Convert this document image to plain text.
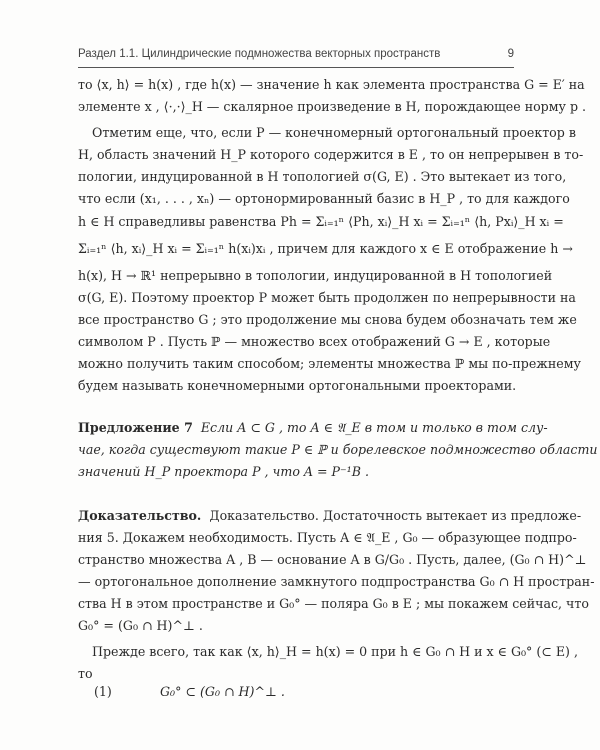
Раздел 1.1. Цилиндрические подмножества векторных пространств	9
то ⟨x, h⟩ = h(x) , где h(x) — значение h как элемента пространства G = E′ на
элементе x , ⟨·,·⟩_H — скалярное произведение в H, порождающее норму p .
Отметим еще, что, если P — конечномерный ортогональный проектор в
H, область значений H_P которого содержится в E , то он непрерывен в то-
пологии, индуцированной в H топологией σ(G, E) . Это вытекает из того,
что если (x₁, . . . , xₙ) — ортонормированный базис в H_P , то для каждого
h ∈ H справедливы равенства Ph = Σᵢ₌₁ⁿ ⟨Ph, xᵢ⟩_H xᵢ = Σᵢ₌₁ⁿ ⟨h, Pxᵢ⟩_H xᵢ =
Σᵢ₌₁ⁿ ⟨h, xᵢ⟩_H xᵢ = Σᵢ₌₁ⁿ h(xᵢ)xᵢ , причем для каждого x ∈ E отображение h →
h(x), H → ℝ¹ непрерывно в топологии, индуцированной в H топологией
σ(G, E). Поэтому проектор P может быть продолжен по непрерывности на
все пространство G ; это продолжение мы снова будем обозначать тем же
символом P . Пусть ℙ — множество всех отображений G → E , которые
можно получить таким способом; элементы множества ℙ мы по-прежнему
будем называть конечномерными ортогональными проекторами.
Предложение 7 Если A ⊂ G , то A ∈ 𝔄_E в том и только в том слу-
чае, когда существуют такие P ∈ ℙ и борелевское подмножество области
значений H_P проектора P , что A = P⁻¹B .
Доказательство. Доказательство. Достаточность вытекает из предложе-
ния 5. Докажем необходимость. Пусть A ∈ 𝔄_E , G₀ — образующее подпро-
странство множества A , B — основание A в G/G₀ . Пусть, далее, (G₀ ∩ H)^⊥
— ортогональное дополнение замкнутого подпространства G₀ ∩ H простран-
ства H в этом пространстве и G₀° — поляра G₀ в E ; мы покажем сейчас, что
G₀° = (G₀ ∩ H)^⊥ .
Прежде всего, так как ⟨x, h⟩_H = h(x) = 0 при h ∈ G₀ ∩ H и x ∈ G₀° (⊂ E) ,
то
(1)	G₀° ⊂ (G₀ ∩ H)^⊥ .
